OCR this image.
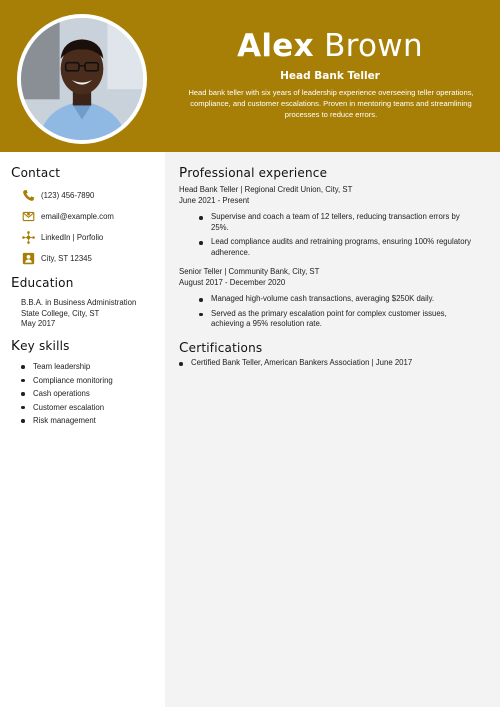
Alex Brown
Head Bank Teller
Head bank teller with six years of leadership experience overseeing teller operations, compliance, and customer escalations. Proven in mentoring teams and streamlining processes to reduce errors.
Contact
(123) 456-7890
email@example.com
LinkedIn | Porfolio
City, ST 12345
Education
B.B.A. in Business Administration
State College, City, ST
May 2017
Key skills
Team leadership
Compliance monitoring
Cash operations
Customer escalation
Risk management
Professional experience
Head Bank Teller | Regional Credit Union, City, ST
June 2021 - Present
Supervise and coach a team of 12 tellers, reducing transaction errors by 25%.
Lead compliance audits and retraining programs, ensuring 100% regulatory adherence.
Senior Teller | Community Bank, City, ST
August 2017 - December 2020
Managed high-volume cash transactions, averaging $250K daily.
Served as the primary escalation point for complex customer issues, achieving a 95% resolution rate.
Certifications
Certified Bank Teller, American Bankers Association | June 2017
